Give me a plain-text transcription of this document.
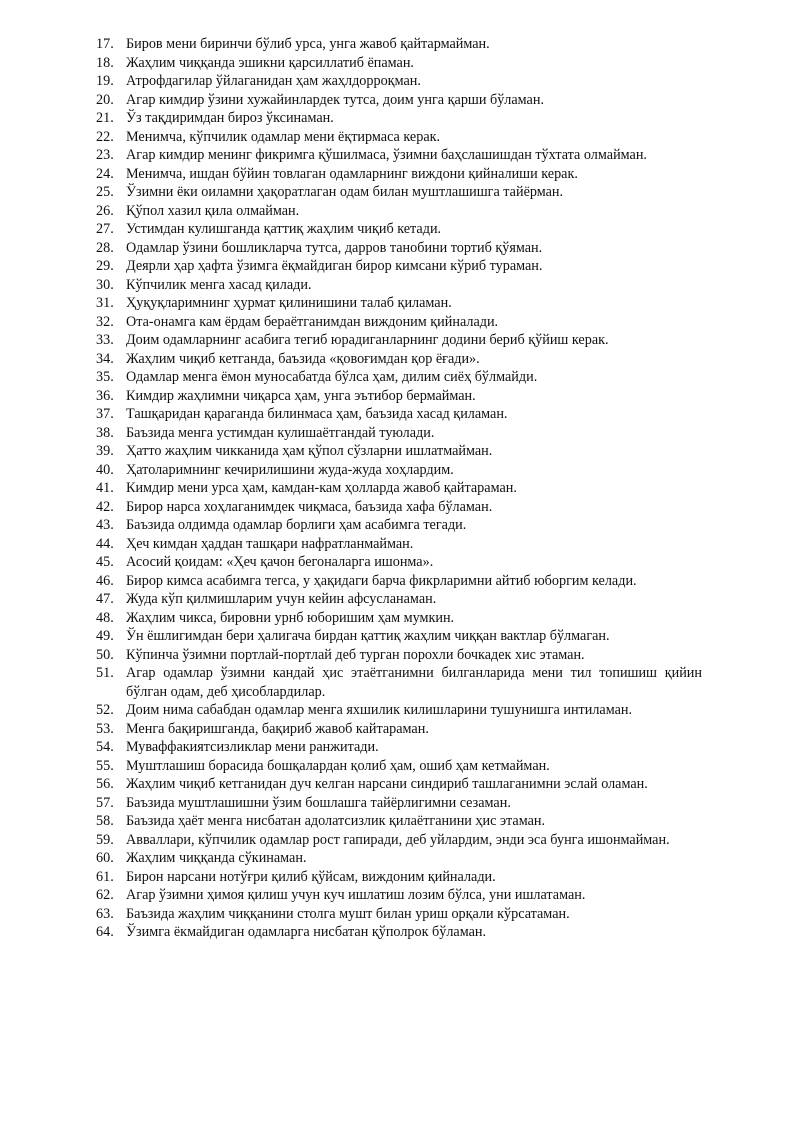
17. Биров мени биринчи бўлиб урса, унга жавоб қайтармайман.
18. Жаҳлим чиққанда эшикни қарсиллатиб ёпаман.
19. Атрофдагилар ўйлаганидан ҳам жаҳлдорроқман.
20. Агар кимдир ўзини хужайинлардек тутса, доим унга қарши бўламан.
21. Ўз тақдиримдан бироз ўксинаман.
22. Менимча, кўпчилик одамлар мени ёқтирмаса керак.
23. Агар кимдир менинг фикримга қўшилмаса, ўзимни баҳслашишдан тўхтата олмайман.
24. Менимча, ишдан бўйин товлаган одамларнинг виждони қийналиши керак.
25. Ўзимни ёки оиламни ҳақоратлаган одам билан муштлашишга тайёрман.
26. Қўпол хазил қила олмайман.
27. Устимдан кулишганда қаттиқ жаҳлим чиқиб кетади.
28. Одамлар ўзини бошликларча тутса, дарров танобини тортиб қўяман.
29. Деярли ҳар ҳафта ўзимга ёқмайдиган бирор кимсани кўриб тураман.
30. Кўпчилик менга хасад қилади.
31. Ҳуқуқларимнинг ҳурмат қилинишини талаб қиламан.
32. Ота-онамга кам ёрдам бераётганимдан виждоним қийналади.
33. Доим одамларнинг асабига тегиб юрадиганларнинг додини бериб қўйиш керак.
34. Жаҳлим чиқиб кетганда, баъзида «қовоғимдан қор ёғади».
35. Одамлар менга ёмон муносабатда бўлса ҳам, дилим сиёҳ бўлмайди.
36. Кимдир жаҳлимни чиқарса ҳам, унга эътибор бермайман.
37. Ташқаридан қараганда билинмаса ҳам, баъзида хасад қиламан.
38. Баъзида менга устимдан кулишаётгандай туюлади.
39. Ҳатто жаҳлим чикканида ҳам қўпол сўзларни ишлатмайман.
40. Ҳатоларимнинг кечирилишини жуда-жуда хоҳлардим.
41. Кимдир мени урса ҳам, камдан-кам ҳолларда жавоб қайтараман.
42. Бирор нарса хоҳлаганимдек чиқмаса, баъзида хафа бўламан.
43. Баъзида олдимда одамлар борлиги ҳам асабимга тегади.
44. Ҳеч кимдан ҳаддан ташқари нафратланмайман.
45. Асосий қоидам: «Ҳеч қачон бегоналарга ишонма».
46. Бирор кимса асабимга тегса, у ҳақидаги барча фикрларимни айтиб юборгим келади.
47. Жуда кўп қилмишларим учун кейин афсусланаман.
48. Жаҳлим чикса, бировни урнб юборишим ҳам мумкин.
49. Ўн ёшлигимдан бери ҳалигача бирдан қаттиқ жаҳлим чиққан вактлар бўлмаган.
50. Кўпинча ўзимни портлай-портлай деб турган порохли бочкадек хис этаман.
51. Агар одамлар ўзимни кандай ҳис этаётганимни билганларида мени тил топишиш қийин бўлган одам, деб ҳисоблардилар.
52. Доим нима сабабдан одамлар менга яхшилик килишларини тушунишга интиламан.
53. Менга бақиришганда, бақириб жавоб кайтараман.
54. Муваффакиятсизликлар мени ранжитади.
55. Муштлашиш борасида бошқалардан қолиб ҳам, ошиб ҳам кетмайман.
56. Жаҳлим чиқиб кетганидан дуч келган нарсани синдириб ташлаганимни эслай оламан.
57. Баъзида муштлашишни ўзим бошлашга тайёрлигимни сезаман.
58. Баъзида ҳаёт менга нисбатан адолатсизлик қилаётганини ҳис этаман.
59. Авваллари, кўпчилик одамлар рост гапиради, деб уйлардим, энди эса бунга ишонмайман.
60. Жаҳлим чиққанда сўкинаман.
61. Бирон нарсани нотўғри қилиб қўйсам, виждоним қийналади.
62. Агар ўзимни ҳимоя қилиш учун куч ишлатиш лозим бўлса, уни ишлатаман.
63. Баъзида жаҳлим чиққанини столга мушт билан уриш орқали кўрсатаман.
64. Ўзимга ёкмайдиган одамларга нисбатан қўполрок бўламан.
